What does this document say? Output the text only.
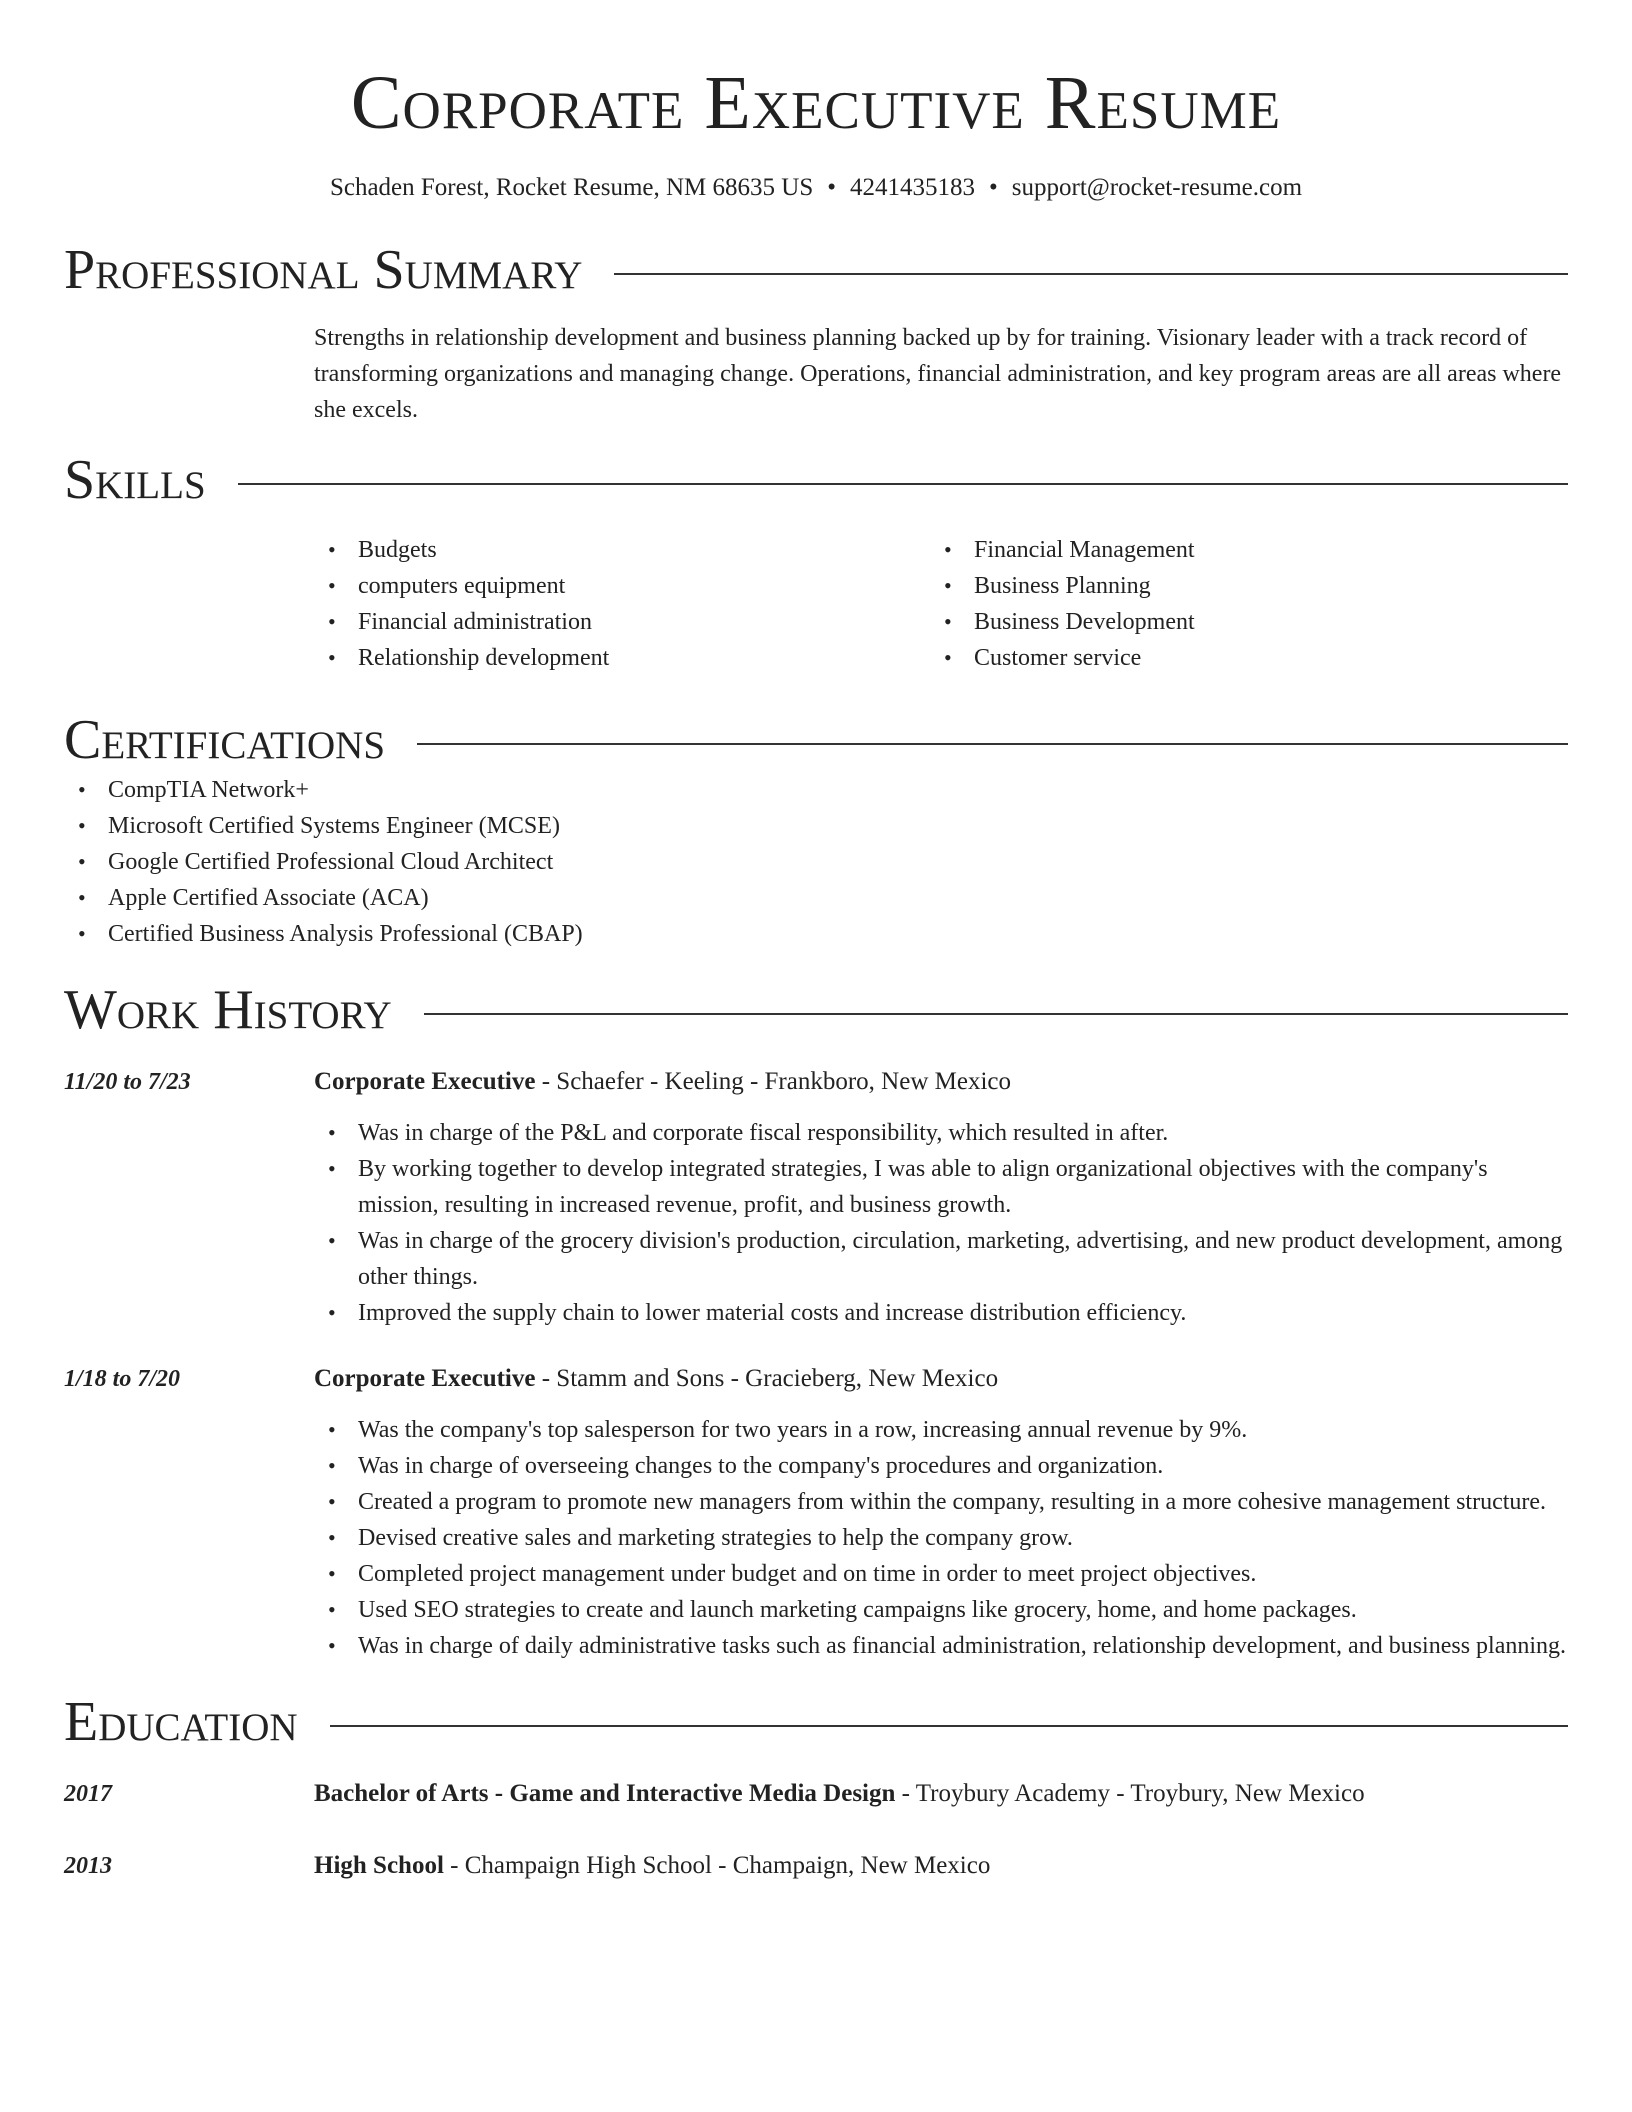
Corporate Executive Resume
Schaden Forest, Rocket Resume, NM 68635 US • 4241435183 • support@rocket-resume.com
Professional Summary
Strengths in relationship development and business planning backed up by for training. Visionary leader with a track record of transforming organizations and managing change. Operations, financial administration, and key program areas are all areas where she excels.
Skills
• Budgets
• computers equipment
• Financial administration
• Relationship development
• Financial Management
• Business Planning
• Business Development
• Customer service
Certifications
• CompTIA Network+
• Microsoft Certified Systems Engineer (MCSE)
• Google Certified Professional Cloud Architect
• Apple Certified Associate (ACA)
• Certified Business Analysis Professional (CBAP)
Work History
11/20 to 7/23	Corporate Executive - Schaefer - Keeling - Frankboro, New Mexico
• Was in charge of the P&L and corporate fiscal responsibility, which resulted in after.
• By working together to develop integrated strategies, I was able to align organizational objectives with the company's mission, resulting in increased revenue, profit, and business growth.
• Was in charge of the grocery division's production, circulation, marketing, advertising, and new product development, among other things.
• Improved the supply chain to lower material costs and increase distribution efficiency.
1/18 to 7/20	Corporate Executive - Stamm and Sons - Gracieberg, New Mexico
• Was the company's top salesperson for two years in a row, increasing annual revenue by 9%.
• Was in charge of overseeing changes to the company's procedures and organization.
• Created a program to promote new managers from within the company, resulting in a more cohesive management structure.
• Devised creative sales and marketing strategies to help the company grow.
• Completed project management under budget and on time in order to meet project objectives.
• Used SEO strategies to create and launch marketing campaigns like grocery, home, and home packages.
• Was in charge of daily administrative tasks such as financial administration, relationship development, and business planning.
Education
2017	Bachelor of Arts - Game and Interactive Media Design - Troybury Academy - Troybury, New Mexico
2013	High School - Champaign High School - Champaign, New Mexico
